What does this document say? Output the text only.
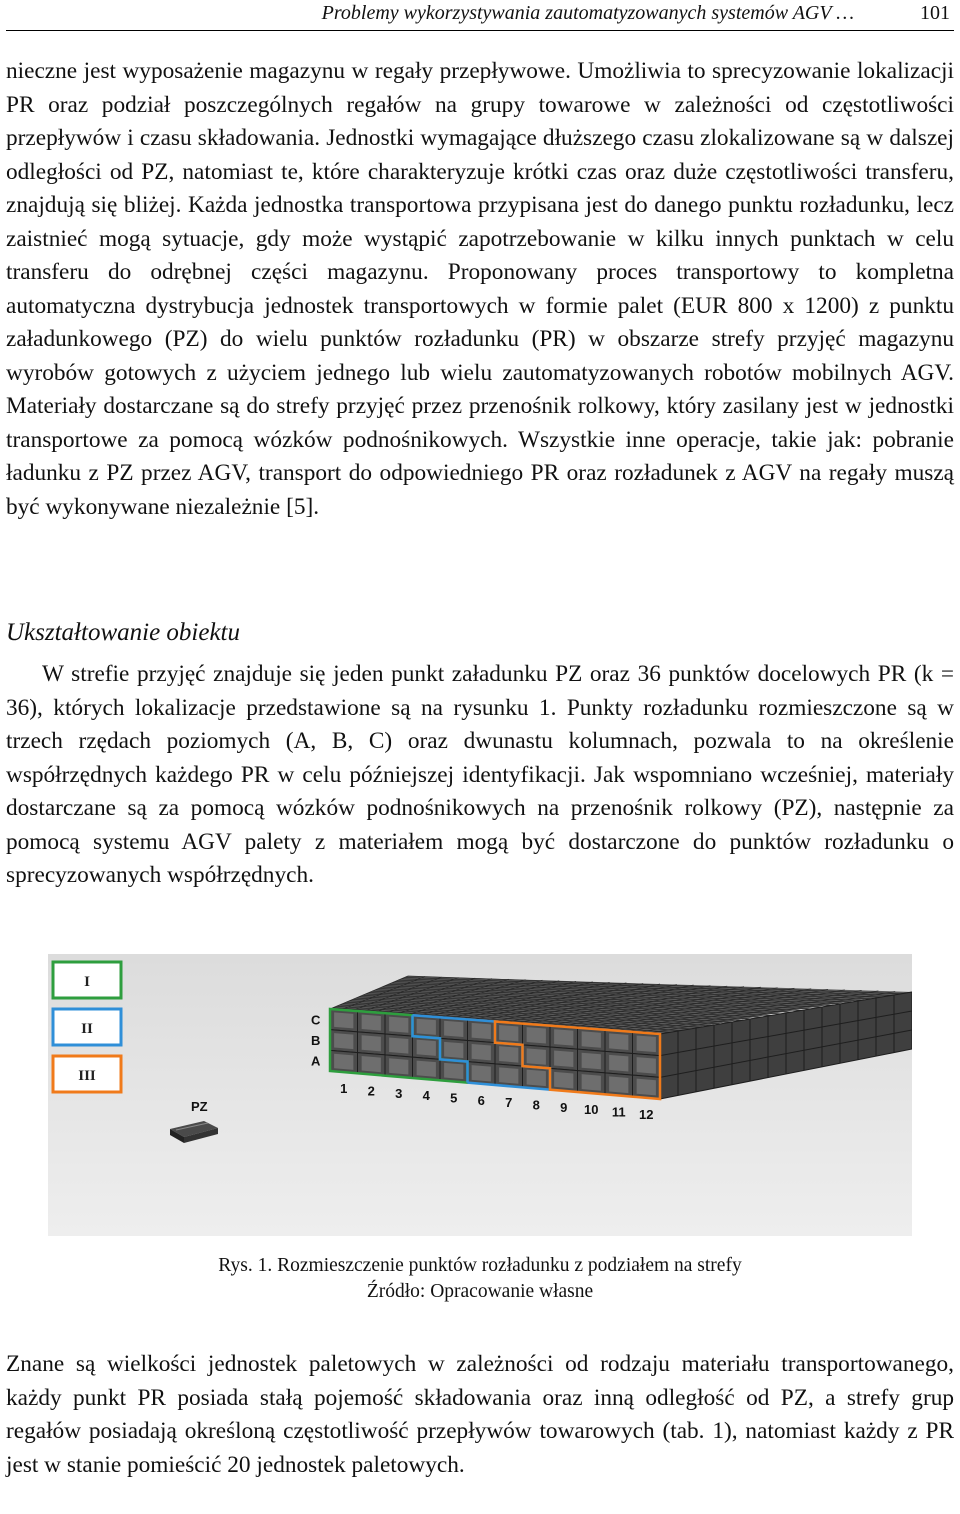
Problemy wykorzystywania zautomatyzowanych systemów AGV …	101

nieczne jest wyposażenie magazynu w regały przepływowe. Umożliwia to sprecyzowanie lokalizacji PR oraz podział poszczególnych regałów na grupy towarowe w zależności od częstotliwości przepływów i czasu składowania. Jednostki wymagające dłuższego czasu zlokalizowane są w dalszej odległości od PZ, natomiast te, które charakteryzuje krótki czas oraz duże częstotliwości transferu, znajdują się bliżej. Każda jednostka transportowa przypisana jest do danego punktu rozładunku, lecz zaistnieć mogą sytuacje, gdy może wystąpić zapotrzebowanie w kilku innych punktach w celu transferu do odrębnej części magazynu. Proponowany proces transportowy to kompletna automatyczna dystrybucja jednostek transportowych w formie palet (EUR 800 x 1200) z punktu załadunkowego (PZ) do wielu punktów rozładunku (PR) w obszarze strefy przyjęć magazynu wyrobów gotowych z użyciem jednego lub wielu zautomatyzowanych robotów mobilnych AGV. Materiały dostarczane są do strefy przyjęć przez przenośnik rolkowy, który zasilany jest w jednostki transportowe za pomocą wózków podnośnikowych. Wszystkie inne operacje, takie jak: pobranie ładunku z PZ przez AGV, transport do odpowiedniego PR oraz rozładunek z AGV na regały muszą być wykonywane niezależnie [5].

Ukształtowanie obiektu

W strefie przyjęć znajduje się jeden punkt załadunku PZ oraz 36 punktów docelowych PR (k = 36), których lokalizacje przedstawione są na rysunku 1. Punkty rozładunku rozmieszczone są w trzech rzędach poziomych (A, B, C) oraz dwunastu kolumnach, pozwala to na określenie współrzędnych każdego PR w celu późniejszej identyfikacji. Jak wspomniano wcześniej, materiały dostarczane są za pomocą wózków podnośnikowych na przenośnik rolkowy (PZ), następnie za pomocą systemu AGV palety z materiałem mogą być dostarczone do punktów rozładunku o sprecyzowanych współrzędnych.

I
II
III
C
B
A
1 2 3 4 5 6 7 8 9 10 11 12
PZ

Rys. 1. Rozmieszczenie punktów rozładunku z podziałem na strefy

Źródło: Opracowanie własne

Znane są wielkości jednostek paletowych w zależności od rodzaju materiału transportowanego, każdy punkt PR posiada stałą pojemość składowania oraz inną odległość od PZ, a strefy grup regałów posiadają określoną częstotliwość przepływów towarowych (tab. 1), natomiast każdy z PR jest w stanie pomieścić 20 jednostek paletowych.
